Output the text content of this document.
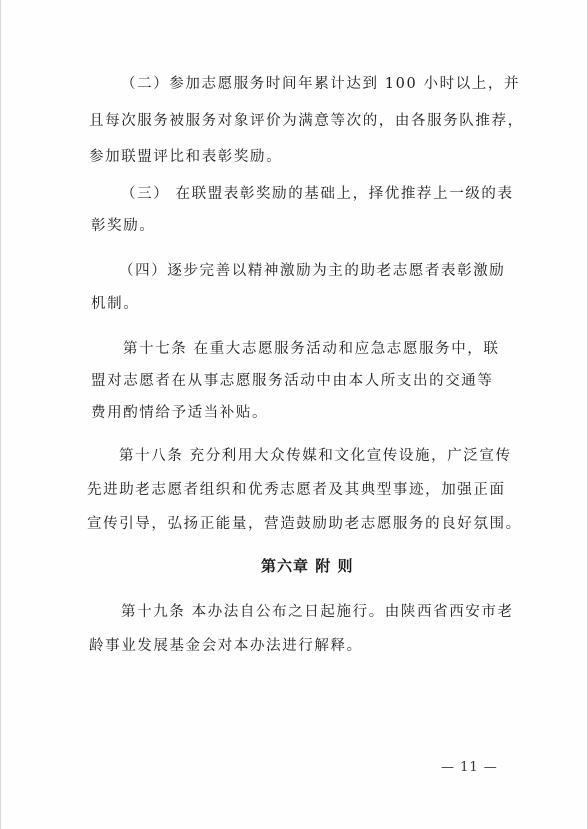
（二）参加志愿服务时间年累计达到 100 小时以上，并
且每次服务被服务对象评价为满意等次的，由各服务队推荐，
参加联盟评比和表彰奖励。
（三） 在联盟表彰奖励的基础上，择优推荐上一级的表
彰奖励。
（四）逐步完善以精神激励为主的助老志愿者表彰激励
机制。
第十七条 在重大志愿服务活动和应急志愿服务中，联
盟对志愿者在从事志愿服务活动中由本人所支出的交通等
费用酌情给予适当补贴。
第十八条 充分利用大众传媒和文化宣传设施，广泛宣传
先进助老志愿者组织和优秀志愿者及其典型事迹，加强正面
宣传引导，弘扬正能量，营造鼓励助老志愿服务的良好氛围。
第六章 附 则
第十九条 本办法自公布之日起施行。由陕西省西安市老
龄事业发展基金会对本办法进行解释。
— 11 —
